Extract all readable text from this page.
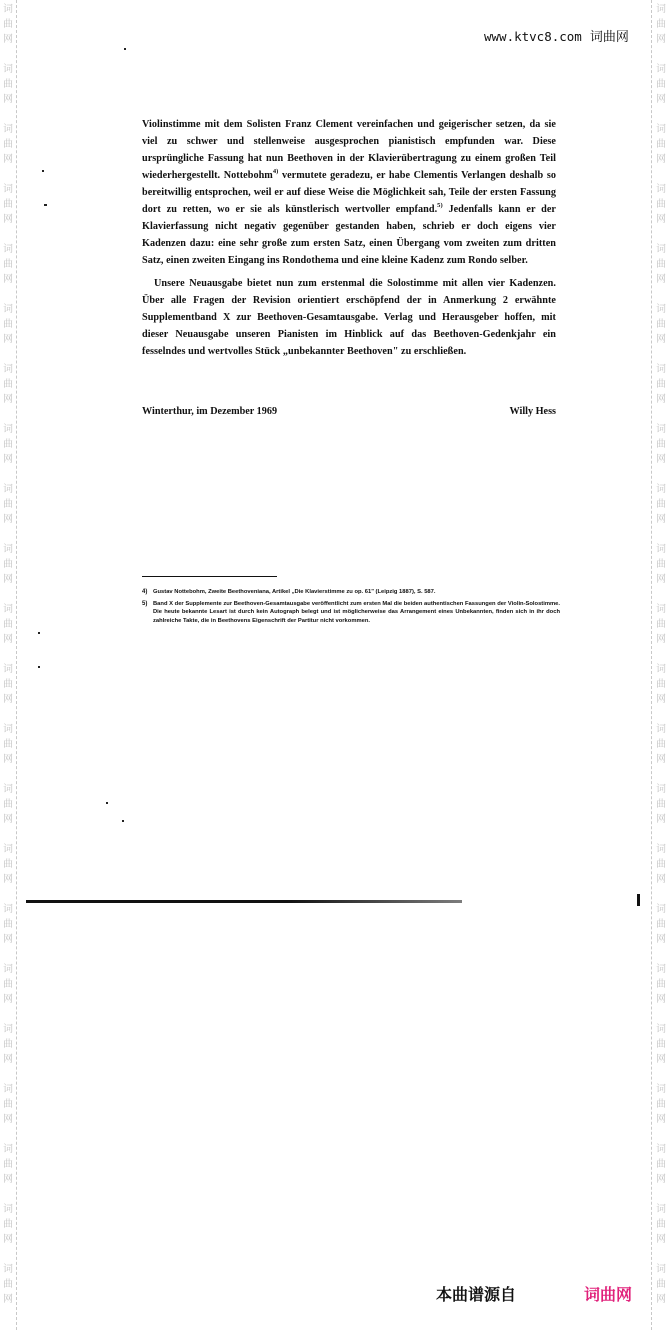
词
曲
网
词
曲
网
词
曲
网
词
曲
网
词
曲
网
词
曲
网
词
曲
网
词
曲
网
词
曲
网
词
曲
网
词
曲
网
词
曲
网
词
曲
网
词
曲
网
词
曲
网
词
曲
网
词
曲
网
词
曲
网
词
曲
网
词
曲
网
词
曲
网
词
曲
网
词
曲
网
词
曲
网
词
曲
网
词
曲
网
词
曲
网
词
曲
网
词
曲
网
词
曲
网
词
曲
网
词
曲
网
词
曲
网
词
曲
网
词
曲
网
词
曲
网
词
曲
网
词
曲
网
词
曲
网
词
曲
网
词
曲
网
词
曲
网
词
曲
网
词
曲
网
www.ktvc8.com 词曲网

Violinstimme mit dem Solisten Franz Clement vereinfachen und geigerischer setzen, da sie viel zu schwer und stellenweise ausgesprochen pianistisch empfunden war. Diese ursprüngliche Fassung hat nun Beethoven in der Klavierübertragung zu einem großen Teil wiederhergestellt. Nottebohm$^{4)}$ vermutete geradezu, er habe Clementis Verlangen deshalb so bereitwillig entsprochen, weil er auf diese Weise die Möglichkeit sah, Teile der ersten Fassung dort zu retten, wo er sie als künstlerisch wertvoller empfand.$^{5)}$ Jedenfalls kann er der Klavierfassung nicht negativ gegenüber gestanden haben, schrieb er doch eigens vier Kadenzen dazu: eine sehr große zum ersten Satz, einen Übergang vom zweiten zum dritten Satz, einen zweiten Eingang ins Rondothema und eine kleine Kadenz zum Rondo selber.

Unsere Neuausgabe bietet nun zum erstenmal die Solostimme mit allen vier Kadenzen. Über alle Fragen der Revision orientiert erschöpfend der in Anmerkung 2 erwähnte Supplementband X zur Beethoven-Gesamtausgabe. Verlag und Herausgeber hoffen, mit dieser Neuausgabe unseren Pianisten im Hinblick auf das Beethoven-Gedenkjahr ein fesselndes und wertvolles Stück „unbekannter Beethoven" zu erschließen.

Winterthur, im Dezember 1969	Willy Hess
4) Gustav Nottebohm, Zweite Beethoveniana, Artikel „Die Klavierstimme zu op. 61" (Leipzig 1887), S. 587.
5) Band X der Supplemente zur Beethoven-Gesamtausgabe veröffentlicht zum ersten Mal die beiden authentischen Fassungen der Violin-Solostimme. Die heute bekannte Lesart ist durch kein Autograph belegt und ist möglicherweise das Arrangement eines Unbekannten, finden sich in ihr doch zahlreiche Takte, die in Beethovens Eigenschrift der Partitur nicht vorkommen.
本曲谱源自	词曲网
